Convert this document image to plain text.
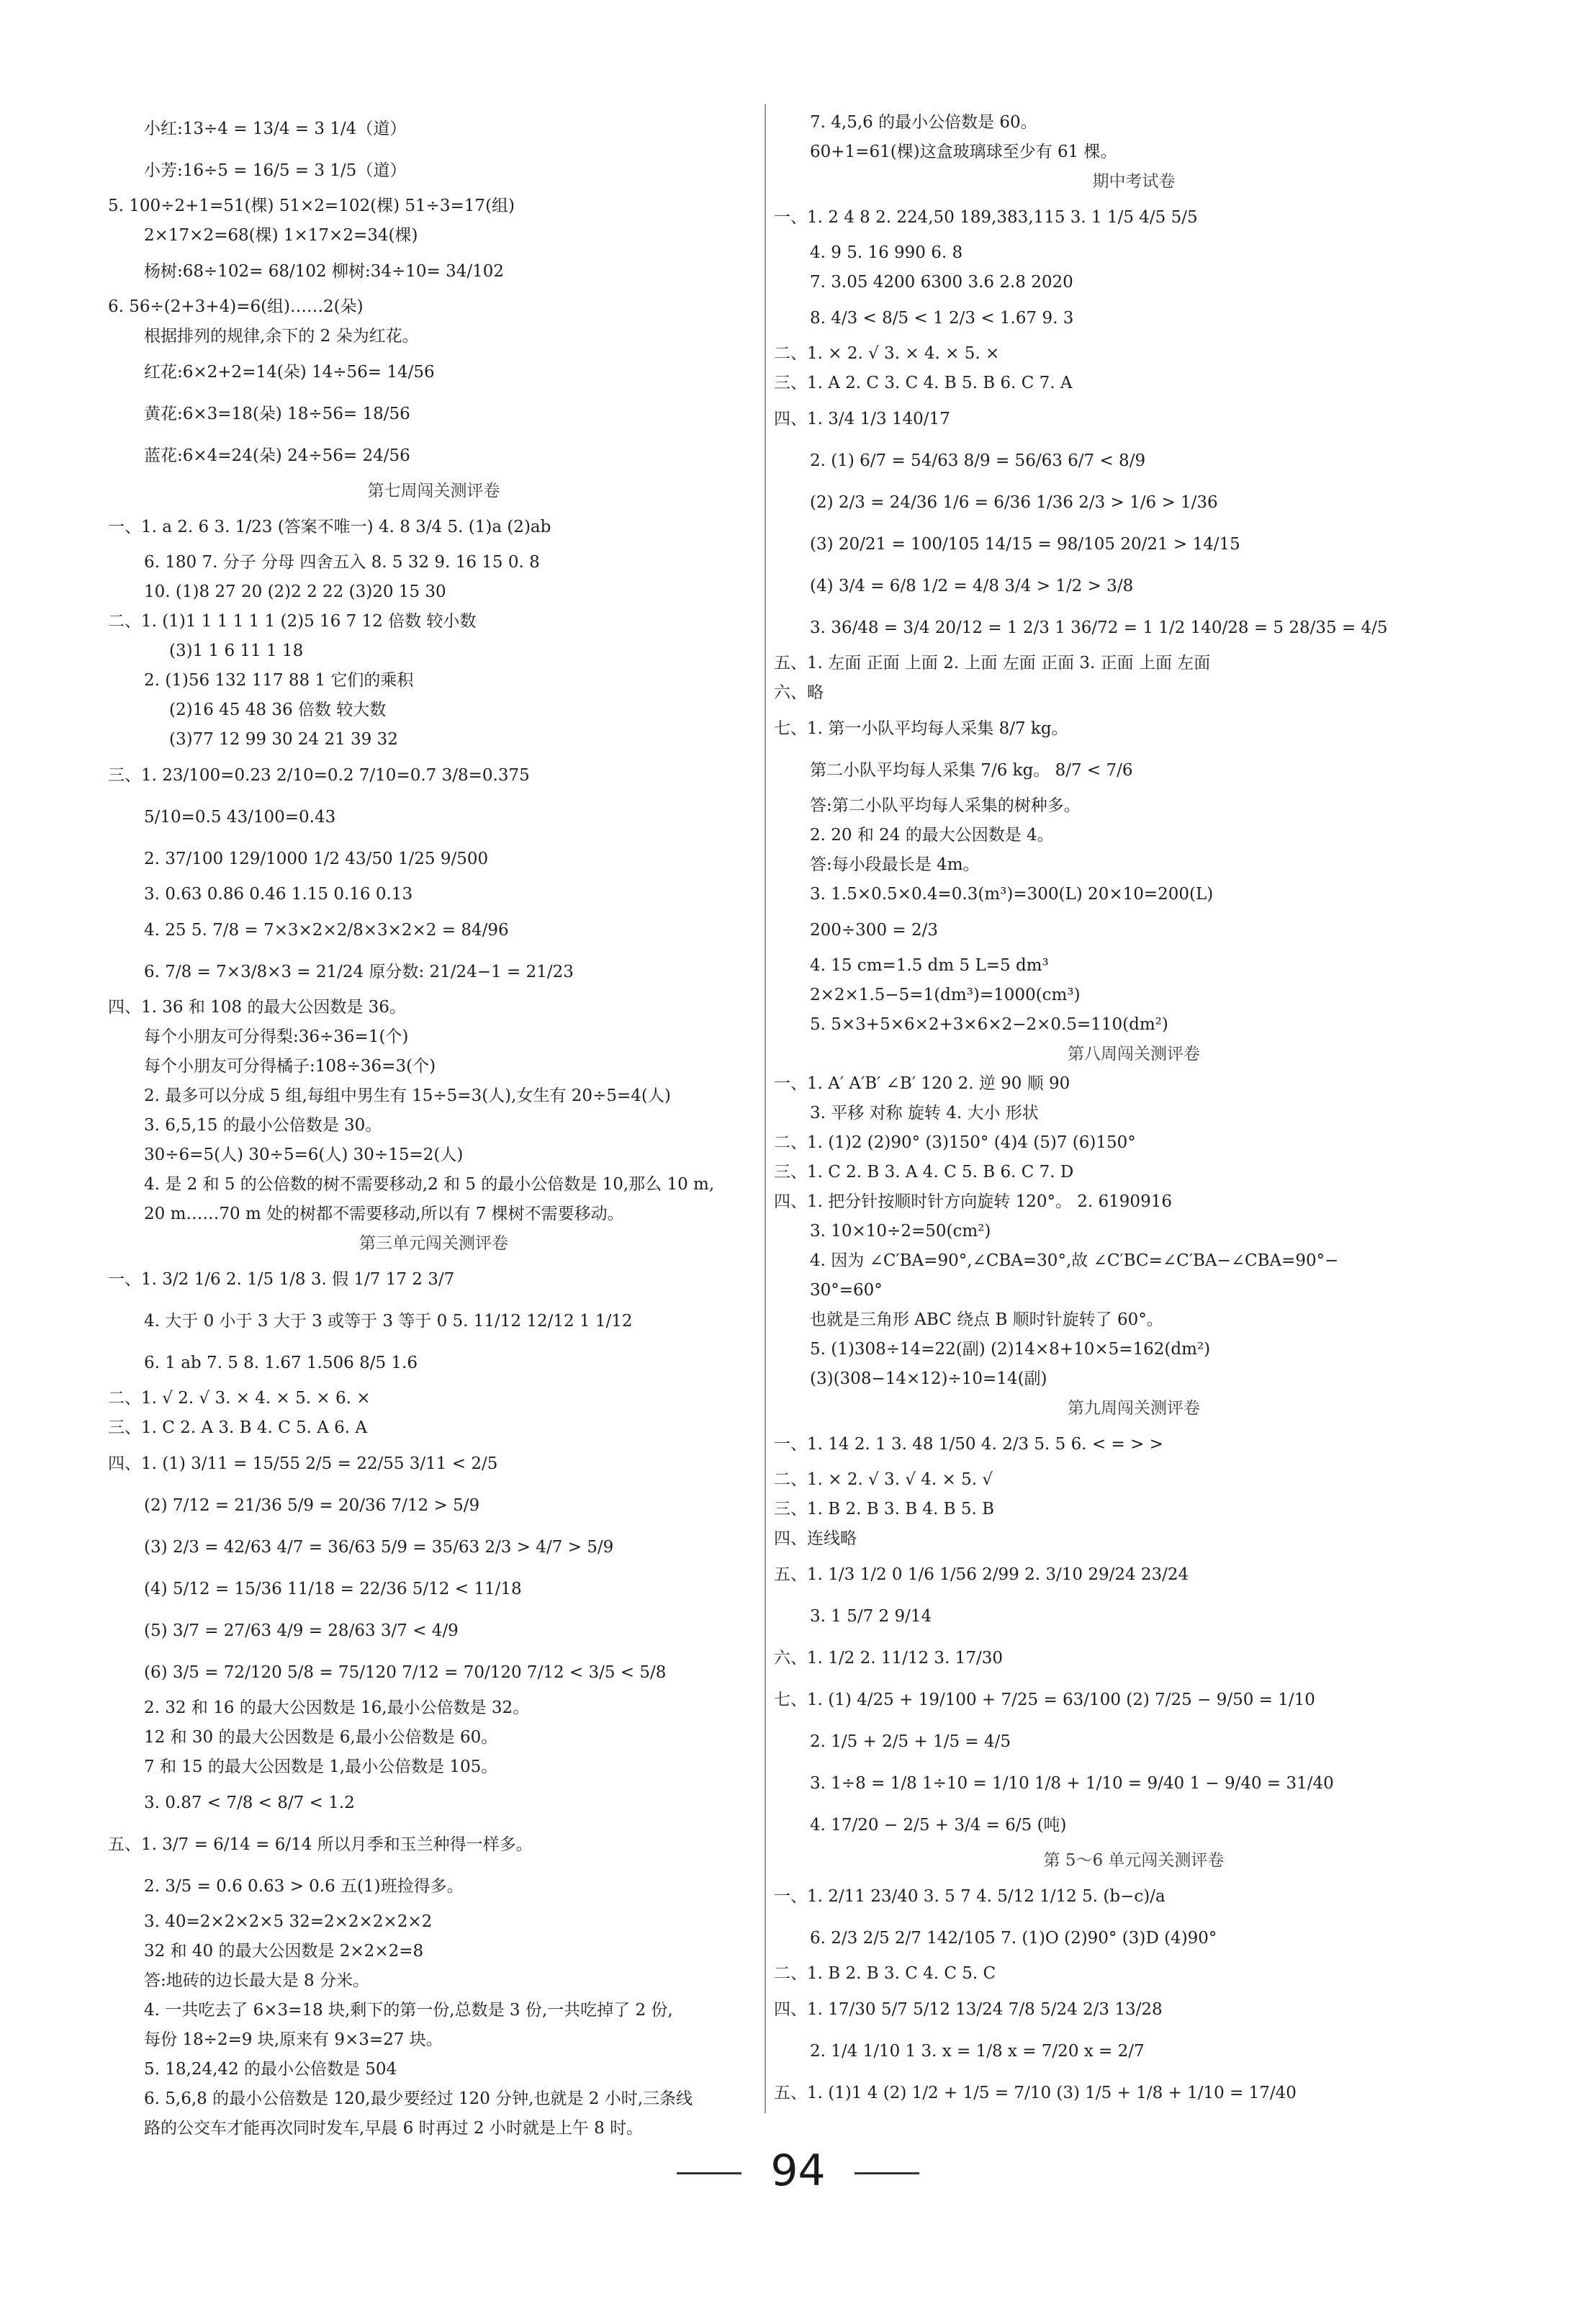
小红:13÷4 = 13/4 = 3 1/4（道）
小芳:16÷5 = 16/5 = 3 1/5（道）
5. 100÷2+1=51(棵) 51×2=102(棵) 51÷3=17(组)
2×17×2=68(棵) 1×17×2=34(棵)
杨树:68÷102= 68/102 柳树:34÷10= 34/102
6. 56÷(2+3+4)=6(组)……2(朵)
根据排列的规律,余下的 2 朵为红花。
红花:6×2+2=14(朵) 14÷56= 14/56
黄花:6×3=18(朵) 18÷56= 18/56
蓝花:6×4=24(朵) 24÷56= 24/56
第七周闯关测评卷
一、1. a 2. 6 3. 1/23 (答案不唯一) 4. 8 3/4 5. (1)a (2)ab
6. 180 7. 分子 分母 四舍五入 8. 5 32 9. 16 15 0. 8
10. (1)8 27 20 (2)2 2 22 (3)20 15 30
二、1. (1)1 1 1 1 1 1 (2)5 16 7 12 倍数 较小数
(3)1 1 6 11 1 18
2. (1)56 132 117 88 1 它们的乘积
(2)16 45 48 36 倍数 较大数
(3)77 12 99 30 24 21 39 32
三、1. 23/100=0.23 2/10=0.2 7/10=0.7 3/8=0.375
5/10=0.5 43/100=0.43
2. 37/100 129/1000 1/2 43/50 1/25 9/500
3. 0.63 0.86 0.46 1.15 0.16 0.13
4. 25 5. 7/8 = 7×3×2×2/8×3×2×2 = 84/96
6. 7/8 = 7×3/8×3 = 21/24 原分数: 21/24−1 = 21/23
四、1. 36 和 108 的最大公因数是 36。
每个小朋友可分得梨:36÷36=1(个)
每个小朋友可分得橘子:108÷36=3(个)
2. 最多可以分成 5 组,每组中男生有 15÷5=3(人),女生有 20÷5=4(人)
3. 6,5,15 的最小公倍数是 30。
30÷6=5(人) 30÷5=6(人) 30÷15=2(人)
4. 是 2 和 5 的公倍数的树不需要移动,2 和 5 的最小公倍数是 10,那么 10 m,
20 m……70 m 处的树都不需要移动,所以有 7 棵树不需要移动。
第三单元闯关测评卷
一、1. 3/2 1/6 2. 1/5 1/8 3. 假 1/7 17 2 3/7
4. 大于 0 小于 3 大于 3 或等于 3 等于 0 5. 11/12 12/12 1 1/12
6. 1 ab 7. 5 8. 1.67 1.506 8/5 1.6
二、1. √ 2. √ 3. × 4. × 5. × 6. ×
三、1. C 2. A 3. B 4. C 5. A 6. A
四、1. (1) 3/11 = 15/55 2/5 = 22/55 3/11 < 2/5
(2) 7/12 = 21/36 5/9 = 20/36 7/12 > 5/9
(3) 2/3 = 42/63 4/7 = 36/63 5/9 = 35/63 2/3 > 4/7 > 5/9
(4) 5/12 = 15/36 11/18 = 22/36 5/12 < 11/18
(5) 3/7 = 27/63 4/9 = 28/63 3/7 < 4/9
(6) 3/5 = 72/120 5/8 = 75/120 7/12 = 70/120 7/12 < 3/5 < 5/8
2. 32 和 16 的最大公因数是 16,最小公倍数是 32。
12 和 30 的最大公因数是 6,最小公倍数是 60。
7 和 15 的最大公因数是 1,最小公倍数是 105。
3. 0.87 < 7/8 < 8/7 < 1.2
五、1. 3/7 = 6/14 = 6/14 所以月季和玉兰种得一样多。
2. 3/5 = 0.6 0.63 > 0.6 五(1)班捡得多。
3. 40=2×2×2×5 32=2×2×2×2×2
32 和 40 的最大公因数是 2×2×2=8
答:地砖的边长最大是 8 分米。
4. 一共吃去了 6×3=18 块,剩下的第一份,总数是 3 份,一共吃掉了 2 份,
每份 18÷2=9 块,原来有 9×3=27 块。
5. 18,24,42 的最小公倍数是 504
6. 5,6,8 的最小公倍数是 120,最少要经过 120 分钟,也就是 2 小时,三条线
路的公交车才能再次同时发车,早晨 6 时再过 2 小时就是上午 8 时。
7. 4,5,6 的最小公倍数是 60。
60+1=61(棵)这盒玻璃球至少有 61 棵。
期中考试卷
一、1. 2 4 8 2. 224,50 189,383,115 3. 1 1/5 4/5 5/5
4. 9 5. 16 990 6. 8
7. 3.05 4200 6300 3.6 2.8 2020
8. 4/3 < 8/5 < 1 2/3 < 1.67 9. 3
二、1. × 2. √ 3. × 4. × 5. ×
三、1. A 2. C 3. C 4. B 5. B 6. C 7. A
四、1. 3/4 1/3 140/17
2. (1) 6/7 = 54/63 8/9 = 56/63 6/7 < 8/9
(2) 2/3 = 24/36 1/6 = 6/36 1/36 2/3 > 1/6 > 1/36
(3) 20/21 = 100/105 14/15 = 98/105 20/21 > 14/15
(4) 3/4 = 6/8 1/2 = 4/8 3/4 > 1/2 > 3/8
3. 36/48 = 3/4 20/12 = 1 2/3 1 36/72 = 1 1/2 140/28 = 5 28/35 = 4/5
五、1. 左面 正面 上面 2. 上面 左面 正面 3. 正面 上面 左面
六、略
七、1. 第一小队平均每人采集 8/7 kg。
第二小队平均每人采集 7/6 kg。 8/7 < 7/6
答:第二小队平均每人采集的树种多。
2. 20 和 24 的最大公因数是 4。
答:每小段最长是 4m。
3. 1.5×0.5×0.4=0.3(m³)=300(L) 20×10=200(L)
200÷300 = 2/3
4. 15 cm=1.5 dm 5 L=5 dm³
2×2×1.5−5=1(dm³)=1000(cm³)
5. 5×3+5×6×2+3×6×2−2×0.5=110(dm²)
第八周闯关测评卷
一、1. A′ A′B′ ∠B′ 120 2. 逆 90 顺 90
3. 平移 对称 旋转 4. 大小 形状
二、1. (1)2 (2)90° (3)150° (4)4 (5)7 (6)150°
三、1. C 2. B 3. A 4. C 5. B 6. C 7. D
四、1. 把分针按顺时针方向旋转 120°。 2. 6190916
3. 10×10÷2=50(cm²)
4. 因为 ∠C′BA=90°,∠CBA=30°,故 ∠C′BC=∠C′BA−∠CBA=90°−
30°=60°
也就是三角形 ABC 绕点 B 顺时针旋转了 60°。
5. (1)308÷14=22(副) (2)14×8+10×5=162(dm²)
(3)(308−14×12)÷10=14(副)
第九周闯关测评卷
一、1. 14 2. 1 3. 48 1/50 4. 2/3 5. 5 6. < = > >
二、1. × 2. √ 3. √ 4. × 5. √
三、1. B 2. B 3. B 4. B 5. B
四、连线略
五、1. 1/3 1/2 0 1/6 1/56 2/99 2. 3/10 29/24 23/24
3. 1 5/7 2 9/14
六、1. 1/2 2. 11/12 3. 17/30
七、1. (1) 4/25 + 19/100 + 7/25 = 63/100 (2) 7/25 − 9/50 = 1/10
2. 1/5 + 2/5 + 1/5 = 4/5
3. 1÷8 = 1/8 1÷10 = 1/10 1/8 + 1/10 = 9/40 1 − 9/40 = 31/40
4. 17/20 − 2/5 + 3/4 = 6/5 (吨)
第 5～6 单元闯关测评卷
一、1. 2/11 23/40 3. 5 7 4. 5/12 1/12 5. (b−c)/a
6. 2/3 2/5 2/7 142/105 7. (1)O (2)90° (3)D (4)90°
二、1. B 2. B 3. C 4. C 5. C
四、1. 17/30 5/7 5/12 13/24 7/8 5/24 2/3 13/28
2. 1/4 1/10 1 3. x = 1/8 x = 7/20 x = 2/7
五、1. (1)1 4 (2) 1/2 + 1/5 = 7/10 (3) 1/5 + 1/8 + 1/10 = 17/40
94
